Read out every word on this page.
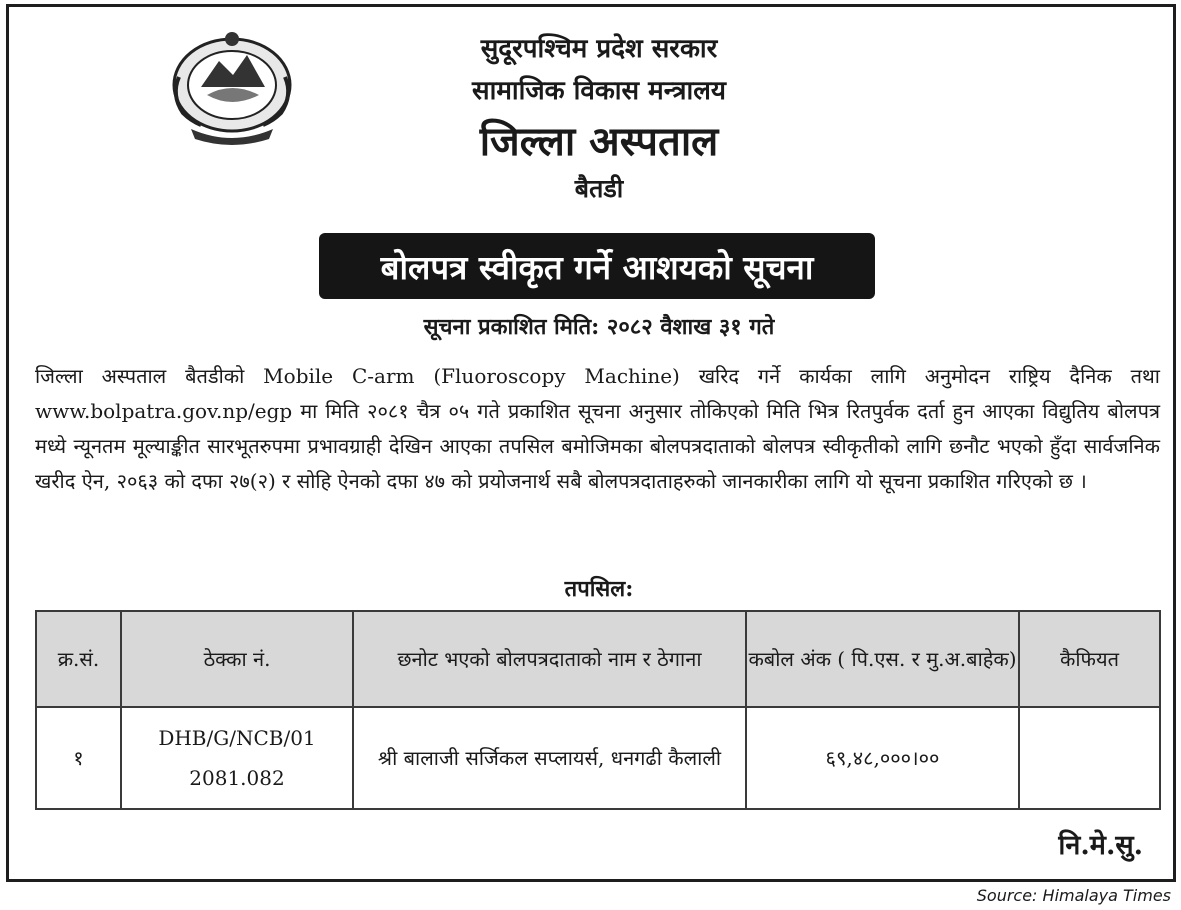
सुदूरपश्चिम प्रदेश सरकार
सामाजिक विकास मन्त्रालय
जिल्ला अस्पताल
बैतडी
बोलपत्र स्वीकृत गर्ने आशयको सूचना
सूचना प्रकाशित मिति: २०८२ वैशाख ३१ गते

जिल्ला अस्पताल बैतडीको Mobile C-arm (Fluoroscopy Machine) खरिद गर्ने कार्यका लागि अनुमोदन राष्ट्रिय दैनिक तथा www.bolpatra.gov.np/egp मा मिति २०८१ चैत्र ०५ गते प्रकाशित सूचना अनुसार तोकिएको मिति भित्र रितपुर्वक दर्ता हुन आएका विद्युतिय बोलपत्र मध्ये न्यूनतम मूल्याङ्कीत सारभूतरुपमा प्रभावग्राही देखिन आएका तपसिल बमोजिमका बोलपत्रदाताको बोलपत्र स्वीकृतीको लागि छनौट भएको हुँदा सार्वजनिक खरीद ऐन, २०६३ को दफा २७(२) र सोहि ऐनको दफा ४७ को प्रयोजनार्थ सबै बोलपत्रदाताहरुको जानकारीका लागि यो सूचना प्रकाशित गरिएको छ ।

तपसिल:
क्र.सं.	ठेक्का नं.	छनोट भएको बोलपत्रदाताको नाम र ठेगाना	कबोल अंक ( पि.एस. र मु.अ.बाहेक)	कैफियत
१	DHB/G/NCB/01 2081.082	श्री बालाजी सर्जिकल सप्लायर्स, धनगढी कैलाली	६९,४८,०००।००	
नि.मे.सु.
Source: Himalaya Times
